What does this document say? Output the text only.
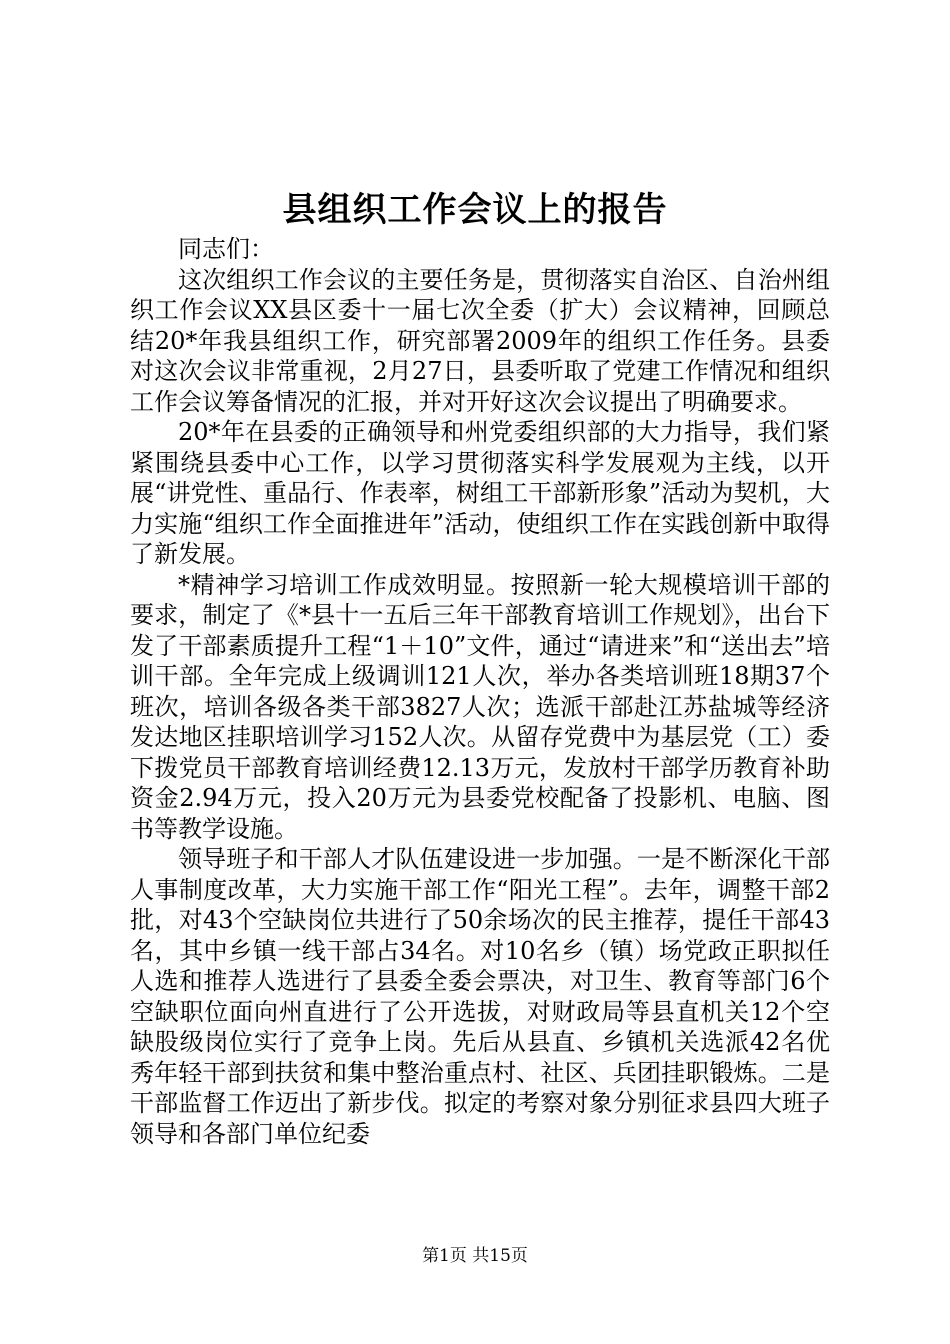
县组织工作会议上的报告

同志们：

这次组织工作会议的主要任务是，贯彻落实自治区、自治州组织工作会议XX县区委十一届七次全委（扩大）会议精神，回顾总结20*年我县组织工作，研究部署2009年的组织工作任务。县委对这次会议非常重视，2月27日，县委听取了党建工作情况和组织工作会议筹备情况的汇报，并对开好这次会议提出了明确要求。

20*年在县委的正确领导和州党委组织部的大力指导，我们紧紧围绕县委中心工作，以学习贯彻落实科学发展观为主线，以开展“讲党性、重品行、作表率，树组工干部新形象”活动为契机，大力实施“组织工作全面推进年”活动，使组织工作在实践创新中取得了新发展。

*精神学习培训工作成效明显。按照新一轮大规模培训干部的要求，制定了《*县十一五后三年干部教育培训工作规划》，出台下发了干部素质提升工程“1＋10”文件，通过“请进来”和“送出去”培训干部。全年完成上级调训121人次，举办各类培训班18期37个班次，培训各级各类干部3827人次；选派干部赴江苏盐城等经济发达地区挂职培训学习152人次。从留存党费中为基层党（工）委下拨党员干部教育培训经费12.13万元，发放村干部学历教育补助资金2.94万元，投入20万元为县委党校配备了投影机、电脑、图书等教学设施。

领导班子和干部人才队伍建设进一步加强。一是不断深化干部人事制度改革，大力实施干部工作“阳光工程”。去年，调整干部2批，对43个空缺岗位共进行了50余场次的民主推荐，提任干部43名，其中乡镇一线干部占34名。对10名乡（镇）场党政正职拟任人选和推荐人选进行了县委全委会票决，对卫生、教育等部门6个空缺职位面向州直进行了公开选拔，对财政局等县直机关12个空缺股级岗位实行了竞争上岗。先后从县直、乡镇机关选派42名优秀年轻干部到扶贫和集中整治重点村、社区、兵团挂职锻炼。二是干部监督工作迈出了新步伐。拟定的考察对象分别征求县四大班子领导和各部门单位纪委

第1页 共15页
